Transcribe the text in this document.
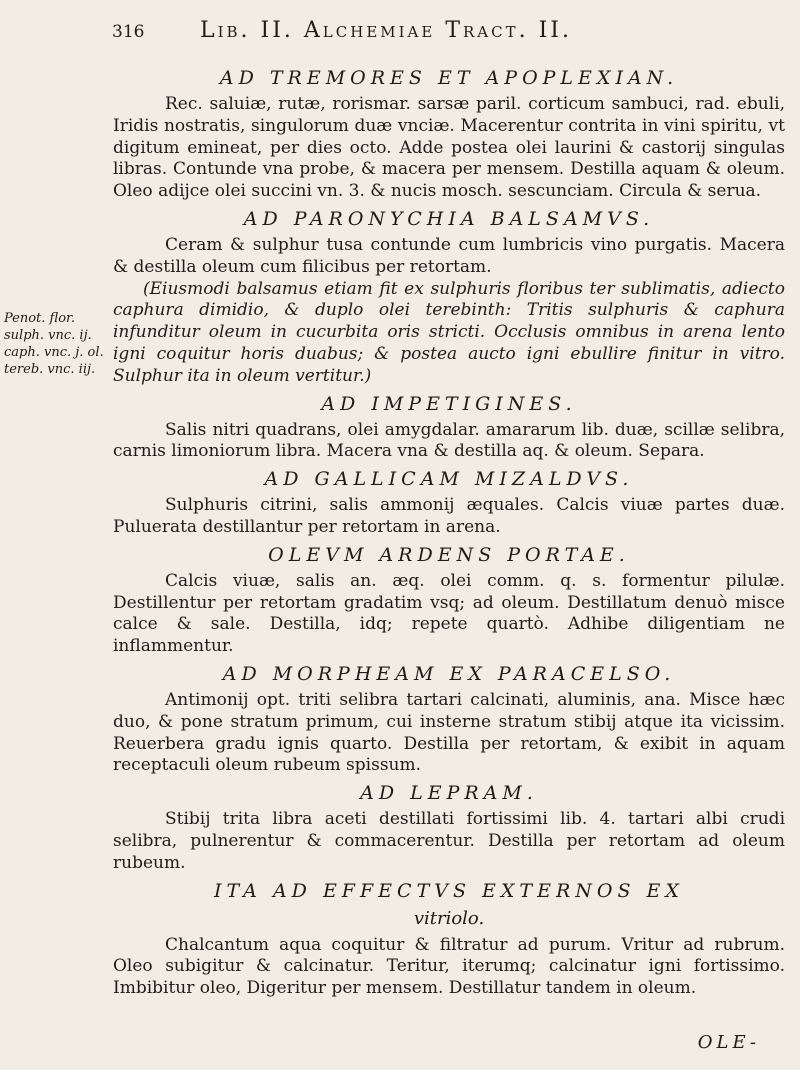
316	Lib. II. Alchemiae Tract. II.
Penot. flor. sulph. vnc. ij. caph. vnc. j. ol. tereb. vnc. iij.
AD TREMORES ET APOPLEXIAN.

Rec. saluiæ, rutæ, rorismar. sarsæ paril. corticum sambuci, rad. ebuli, Iridis nostratis, singulorum duæ vnciæ. Macerentur contrita in vini spiritu, vt digitum emineat, per dies octo. Adde postea olei laurini & castorij singulas libras. Contunde vna probe, & macera per mensem. Destilla aquam & oleum. Oleo adijce olei succini vn. 3. & nucis mosch. sescunciam. Circula & serua.

AD PARONYCHIA BALSAMVS.

Ceram & sulphur tusa contunde cum lumbricis vino purgatis. Macera & destilla oleum cum filicibus per retortam.

(Eiusmodi balsamus etiam fit ex sulphuris floribus ter sublimatis, adiecto caphura dimidio, & duplo olei terebinth: Tritis sulphuris & caphura infunditur oleum in cucurbita oris stricti. Occlusis omnibus in arena lento igni coquitur horis duabus; & postea aucto igni ebullire finitur in vitro. Sulphur ita in oleum vertitur.)

AD IMPETIGINES.

Salis nitri quadrans, olei amygdalar. amararum lib. duæ, scillæ selibra, carnis limoniorum libra. Macera vna & destilla aq. & oleum. Separa.

AD GALLICAM MIZALDVS.

Sulphuris citrini, salis ammonij æquales. Calcis viuæ partes duæ. Puluerata destillantur per retortam in arena.

OLEVM ARDENS PORTAE.

Calcis viuæ, salis an. æq. olei comm. q. s. formentur pilulæ. Destillentur per retortam gradatim vsq; ad oleum. Destillatum denuò misce calce & sale. Destilla, idq; repete quartò. Adhibe diligentiam ne inflammentur.

AD MORPHEAM EX PARACELSO.

Antimonij opt. triti selibra tartari calcinati, aluminis, ana. Misce hæc duo, & pone stratum primum, cui insterne stratum stibij atque ita vicissim. Reuerbera gradu ignis quarto. Destilla per retortam, & exibit in aquam receptaculi oleum rubeum spissum.

AD LEPRAM.

Stibij trita libra aceti destillati fortissimi lib. 4. tartari albi crudi selibra, pulnerentur & commacerentur. Destilla per retortam ad oleum rubeum.

ITA AD EFFECTVS EXTERNOS EX
vitriolo.

Chalcantum aqua coquitur & filtratur ad purum. Vritur ad rubrum. Oleo subigitur & calcinatur. Teritur, iterumq; calcinatur igni fortissimo. Imbibitur oleo, Digeritur per mensem. Destillatur tandem in oleum.

OLE-
